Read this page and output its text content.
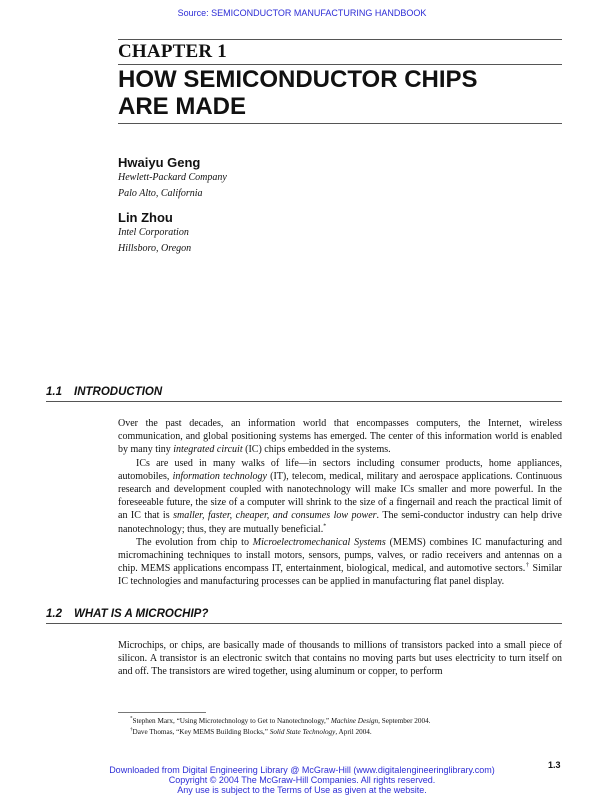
Source: SEMICONDUCTOR MANUFACTURING HANDBOOK
CHAPTER 1
HOW SEMICONDUCTOR CHIPS
ARE MADE
Hwaiyu Geng
Hewlett-Packard Company
Palo Alto, California
Lin Zhou
Intel Corporation
Hillsboro, Oregon
1.1 INTRODUCTION

Over the past decades, an information world that encompasses computers, the Internet, wireless communication, and global positioning systems has emerged. The center of this information world is enabled by many tiny integrated circuit (IC) chips embedded in the systems.

ICs are used in many walks of life—in sectors including consumer products, home appliances, automobiles, information technology (IT), telecom, medical, military and aerospace applications. Continuous research and development coupled with nanotechnology will make ICs smaller and more powerful. In the foreseeable future, the size of a computer will shrink to the size of a fingernail and reach the practical limit of an IC that is smaller, faster, cheaper, and consumes low power. The semi-conductor industry can help drive nanotechnology; thus, they are mutually beneficial.*

The evolution from chip to Microelectromechanical Systems (MEMS) combines IC manufacturing and micromachining techniques to install motors, sensors, pumps, valves, or radio receivers and antennas on a chip. MEMS applications encompass IT, entertainment, biological, medical, and automotive sectors.† Similar IC technologies and manufacturing processes can be applied in manufacturing flat panel display.

1.2 WHAT IS A MICROCHIP?

Microchips, or chips, are basically made of thousands to millions of transistors packed into a small piece of silicon. A transistor is an electronic switch that contains no moving parts but uses electricity to turn itself on and off. The transistors are wired together, using aluminum or copper, to perform

*Stephen Marx, “Using Microtechnology to Get to Nanotechnology,” Machine Design, September 2004.
†Dave Thomas, “Key MEMS Building Blocks,” Solid State Technology, April 2004.
1.3
Downloaded from Digital Engineering Library @ McGraw-Hill (www.digitalengineeringlibrary.com)
Copyright © 2004 The McGraw-Hill Companies. All rights reserved.
Any use is subject to the Terms of Use as given at the website.
